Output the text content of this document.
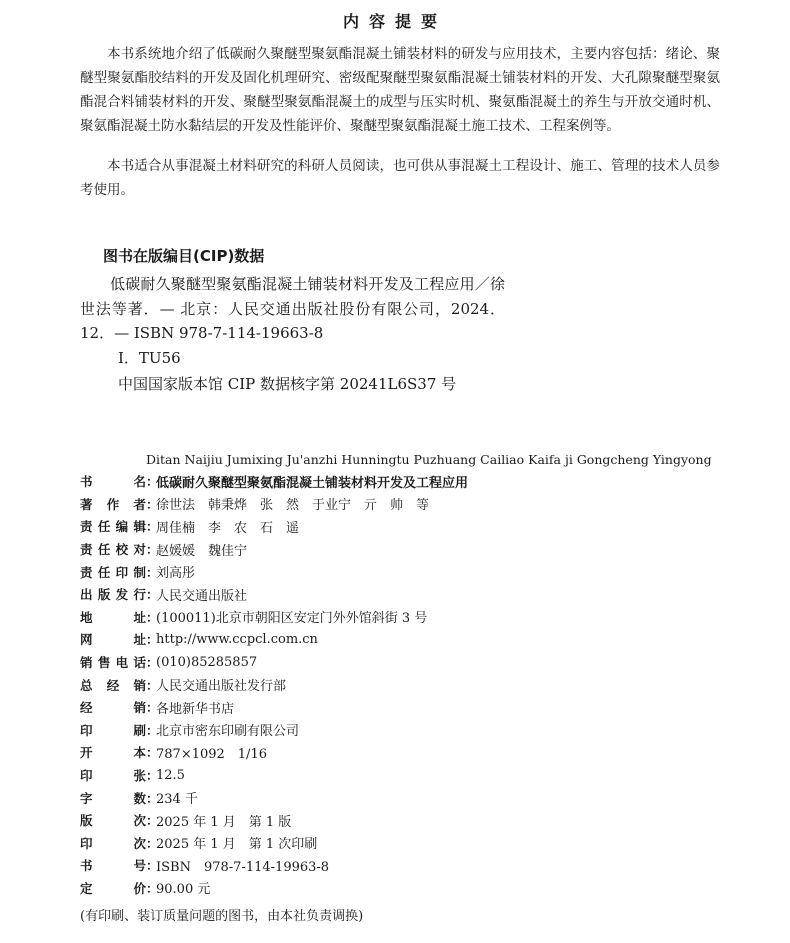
内容提要

本书系统地介绍了低碳耐久聚醚型聚氨酯混凝土铺装材料的研发与应用技术，主要内容包括：绪论、聚醚型聚氨酯胶结料的开发及固化机理研究、密级配聚醚型聚氨酯混凝土铺装材料的开发、大孔隙聚醚型聚氨酯混合料铺装材料的开发、聚醚型聚氨酯混凝土的成型与压实时机、聚氨酯混凝土的养生与开放交通时机、聚氨酯混凝土防水黏结层的开发及性能评价、聚醚型聚氨酯混凝土施工技术、工程案例等。

本书适合从事混凝土材料研究的科研人员阅读，也可供从事混凝土工程设计、施工、管理的技术人员参考使用。

图书在版编目(CIP)数据

低碳耐久聚醚型聚氨酯混凝土铺装材料开发及工程应用／徐世法等著．— 北京：人民交通出版社股份有限公司，2024．12．— ISBN 978-7-114-19663-8

Ⅰ．TU56
中国国家版本馆 CIP 数据核字第 20241L6S37 号
Ditan Naijiu Jumixing Ju'anzhi Hunningtu Puzhuang Cailiao Kaifa ji Gongcheng Yingyong
书	名 ：
低碳耐久聚醚型聚氨酯混凝土铺装材料开发及工程应用
著 作 者 ：
徐世法　韩秉烨　张　然　于业宁　亓　帅　等
责 任 编 辑 ：
周佳楠　李　农　石　遥
责 任 校 对 ：
赵媛媛　魏佳宁
责 任 印 制 ：
刘高彤
出 版 发 行 ：
人民交通出版社
地	址 ：
(100011)北京市朝阳区安定门外外馆斜街 3 号
网	址 ：
http://www.ccpcl.com.cn
销 售 电 话 ：
(010)85285857
总 经 销 ：
人民交通出版社发行部
经	销 ：
各地新华书店
印	刷 ：
北京市密东印刷有限公司
开	本 ：
787×1092　1/16
印	张 ：
12.5
字	数 ：
234 千
版	次 ：
2025 年 1 月　第 1 版
印	次 ：
2025 年 1 月　第 1 次印刷
书	号 ：
ISBN　978-7-114-19963-8
定	价 ：
90.00 元
(有印刷、装订质量问题的图书，由本社负责调换)
